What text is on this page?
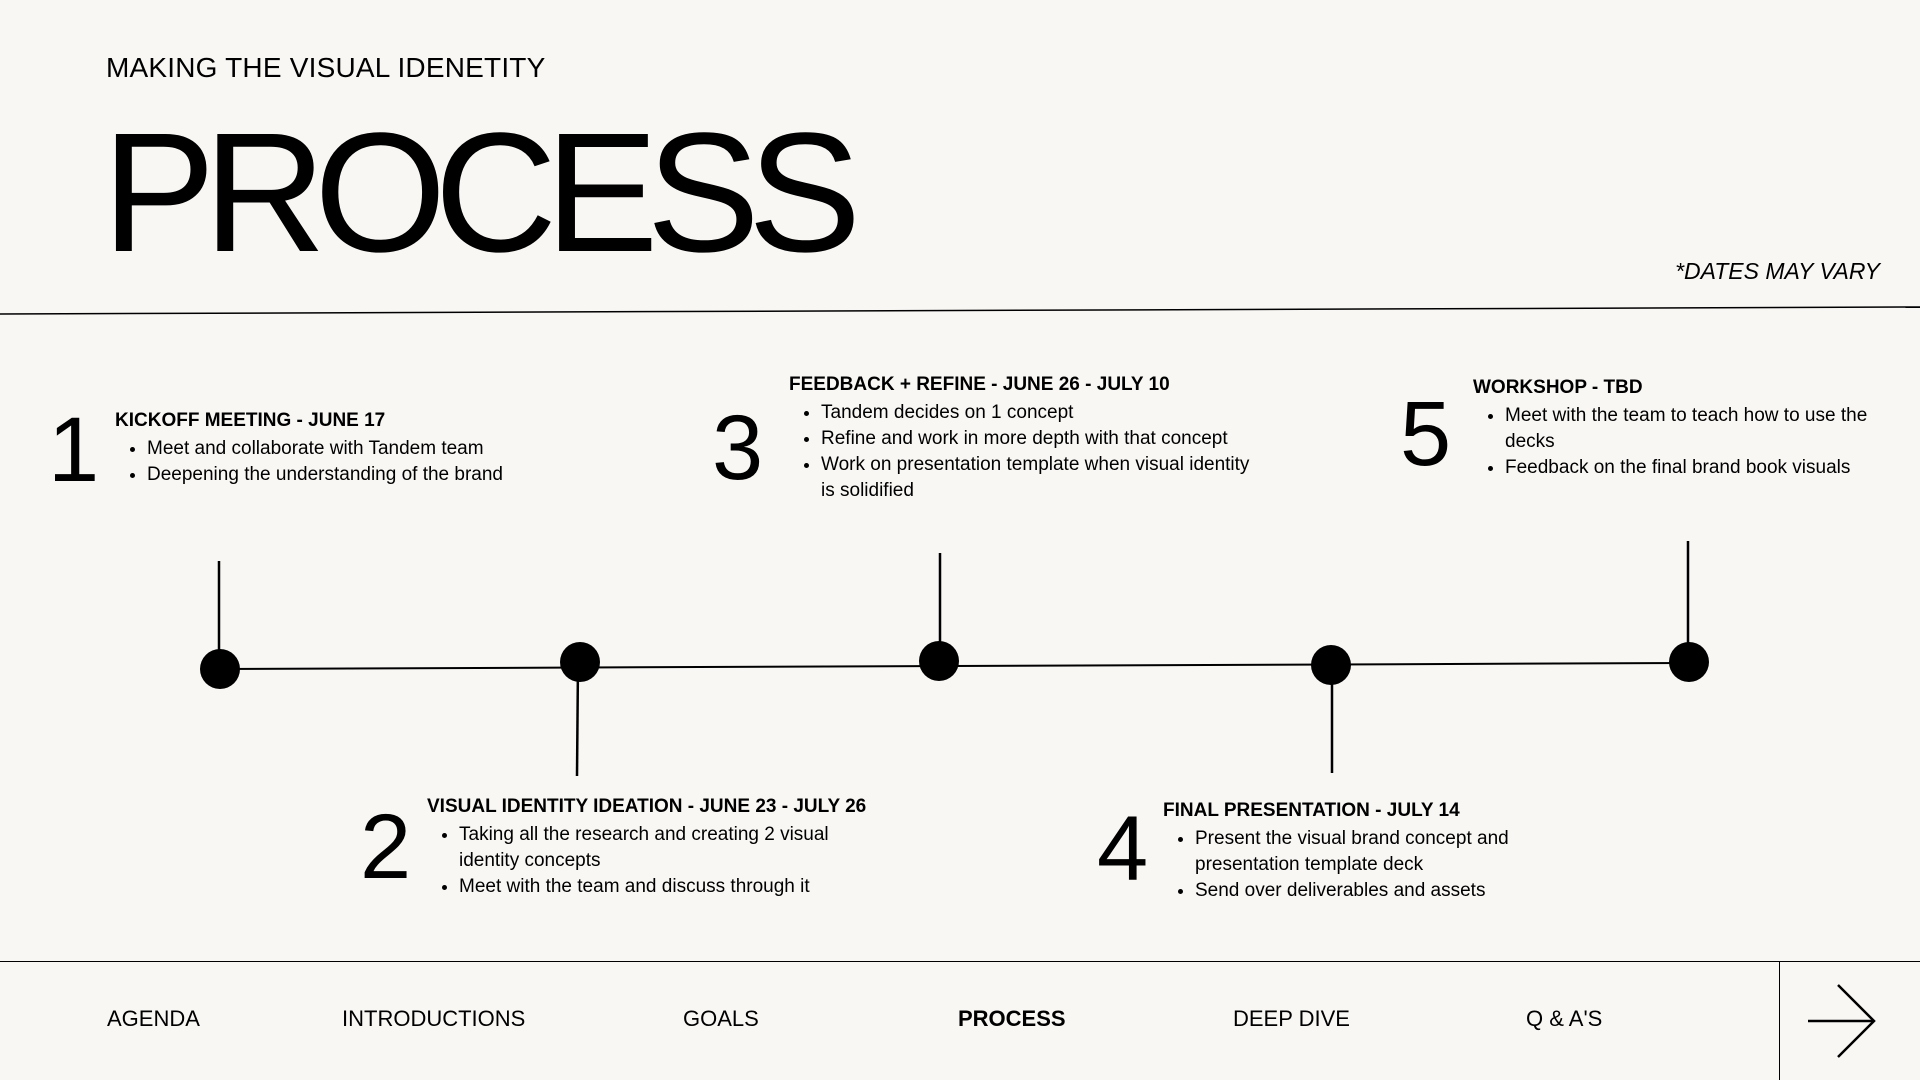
MAKING THE VISUAL IDENETITY
PROCESS	*DATES MAY VARY
1 KICKOFF MEETING - JUNE 17
• Meet and collaborate with Tandem team
• Deepening the understanding of the brand
2 VISUAL IDENTITY IDEATION - JUNE 23 - JULY 26
• Taking all the research and creating 2 visual identity concepts
• Meet with the team and discuss through it
3
FEEDBACK + REFINE - JUNE 26 - JULY 10
• Tandem decides on 1 concept
• Refine and work in more depth with that concept
• Work on presentation template when visual identity is solidified
4 FINAL PRESENTATION - JULY 14
• Present the visual brand concept and presentation template deck
• Send over deliverables and assets
5 WORKSHOP - TBD
• Meet with the team to teach how to use the decks
• Feedback on the final brand book visuals
AGENDA	INTRODUCTIONS	GOALS	PROCESS	DEEP DIVE	Q & A'S
